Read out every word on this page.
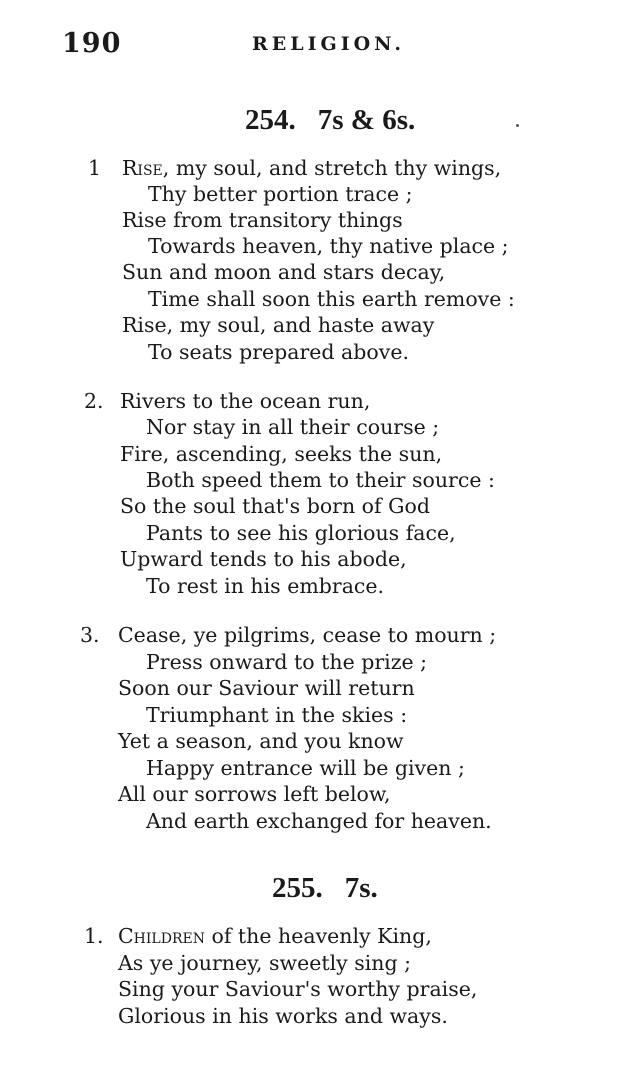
190	RELIGION.
254. 7s & 6s.
1 Rise, my soul, and stretch thy wings,
Thy better portion trace ;
Rise from transitory things
Towards heaven, thy native place ;
Sun and moon and stars decay,
Time shall soon this earth remove :
Rise, my soul, and haste away
To seats prepared above.
2. Rivers to the ocean run,
Nor stay in all their course ;
Fire, ascending, seeks the sun,
Both speed them to their source :
So the soul that's born of God
Pants to see his glorious face,
Upward tends to his abode,
To rest in his embrace.
3. Cease, ye pilgrims, cease to mourn ;
Press onward to the prize ;
Soon our Saviour will return
Triumphant in the skies :
Yet a season, and you know
Happy entrance will be given ;
All our sorrows left below,
And earth exchanged for heaven.
255. 7s.
1. Children of the heavenly King,
As ye journey, sweetly sing ;
Sing your Saviour's worthy praise,
Glorious in his works and ways.
